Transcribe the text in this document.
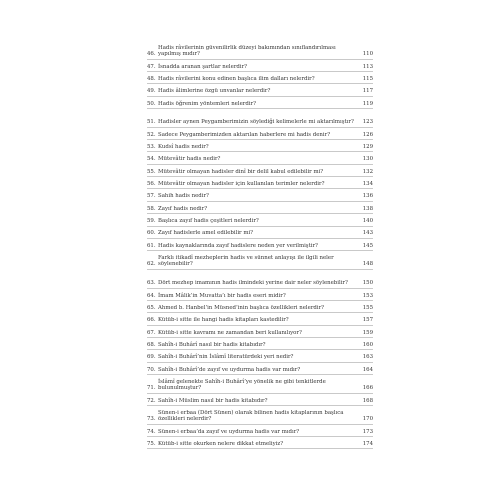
46.
Hadis râvilerinin güvenilirlik düzeyi bakımından sınıflandırılması yapılmış mıdır?	110
47. İsnadda aranan şartlar nelerdir?	113
48. Hadis râvilerini konu edinen başlıca ilim dalları nelerdir?	115
49. Hadis âlimlerine özgü unvanlar nelerdir?	117
50. Hadis öğrenim yöntemleri nelerdir?	119
51. Hadisler aynen Peygamberimizin söylediği kelimelerle mi aktarılmıştır?	123
52. Sadece Peygamberimizden aktarılan haberlere mi hadis denir?	126
53. Kudsî hadis nedir?	129
54. Mütevâtir hadis nedir?	130
55. Mütevâtir olmayan hadisler dinî bir delil kabul edilebilir mi?	132
56. Mütevâtir olmayan hadisler için kullanılan terimler nelerdir?	134
57. Sahih hadis nedir?	136
58. Zayıf hadis nedir?	138
59. Başlıca zayıf hadis çeşitleri nelerdir?	140
60. Zayıf hadislerle amel edilebilir mi?	143
61. Hadis kaynaklarında zayıf hadislere neden yer verilmiştir?	145
62.
Farklı itikadî mezheplerin hadis ve sünnet anlayışı ile ilgili neler söylenebilir?	148
63. Dört mezhep imamının hadis ilmindeki yerine dair neler söylenebilir?	150
64. İmam Mâlik’in Muvatta’ı bir hadis eseri midir?	153
65. Ahmed b. Hanbel’in Müsned’inin başlıca özellikleri nelerdir?	155
66. Kütüb-i sitte ile hangi hadis kitapları kastedilir?	157
67. Kütüb-i sitte kavramı ne zamandan beri kullanılıyor?	159
68. Sahîh-i Buhârî nasıl bir hadis kitabıdır?	160
69. Sahîh-i Buhârî’nin İslâmî literatürdeki yeri nedir?	163
70. Sahîh-i Buhârî’de zayıf ve uydurma hadis var mıdır?	164
71.
İslâmî gelenekte Sahîh-i Buhârî’ye yönelik ne gibi tenkitlerde bulunulmuştur?	166
72. Sahîh-i Müslim nasıl bir hadis kitabıdır?	168
73.
Sünen-i erbaa (Dört Sünen) olarak bilinen hadis kitaplarının başlıca özellikleri nelerdir?	170
74. Sünen-i erbaa’da zayıf ve uydurma hadis var mıdır?	173
75. Kütüb-i sitte okurken nelere dikkat etmeliyiz?	174
